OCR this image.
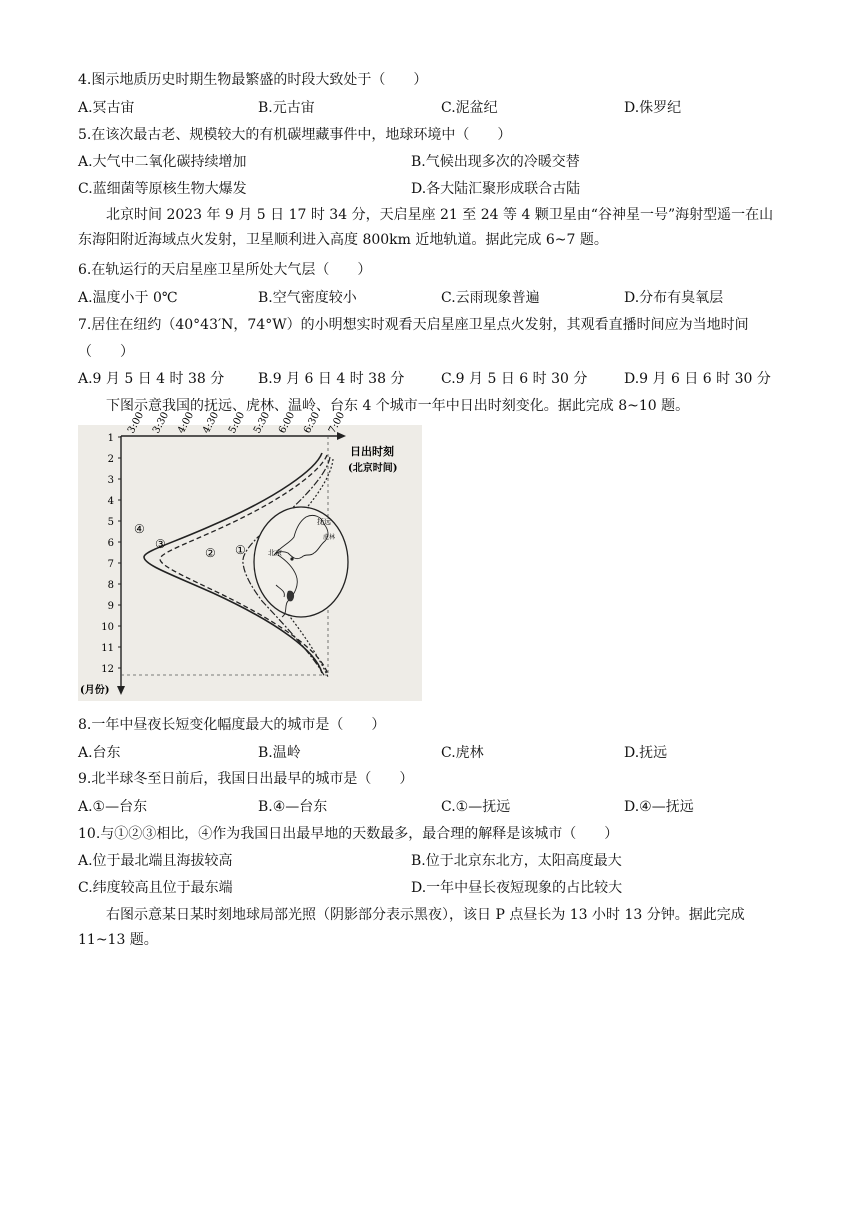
4.图示地质历史时期生物最繁盛的时段大致处于（　　）
A.冥古宙	B.元古宙	C.泥盆纪	D.侏罗纪
5.在该次最古老、规模较大的有机碳埋藏事件中，地球环境中（　　）
A.大气中二氧化碳持续增加	B.气候出现多次的冷暖交替
C.蓝细菌等原核生物大爆发	D.各大陆汇聚形成联合古陆
北京时间 2023 年 9 月 5 日 17 时 34 分，天启星座 21 至 24 等 4 颗卫星由“谷神星一号”海射型遥一在山东海阳附近海域点火发射，卫星顺利进入高度 800km 近地轨道。据此完成 6~7 题。
6.在轨运行的天启星座卫星所处大气层（　　）
A.温度小于 0℃	B.空气密度较小	C.云雨现象普遍	D.分布有臭氧层
7.居住在纽约（40°43′N，74°W）的小明想实时观看天启星座卫星点火发射，其观看直播时间应为当地时间
（　　）
A.9 月 5 日 4 时 38 分 B.9 月 6 日 4 时 38 分	C.9 月 5 日 6 时 30 分	D.9 月 6 日 6 时 30 分
下图示意我国的抚远、虎林、温岭、台东 4 个城市一年中日出时刻变化。据此完成 8~10 题。
3:00 3:30 4:00 4:30 5:00 5:30 6:00 6:30 7:00
日出时刻
(北京时间)
1
2
3
4
5
6
7
8
9
10
11
12
(月份)
④
③
② ①	北京
抚远
虎林
8.一年中昼夜长短变化幅度最大的城市是（　　）
A.台东	B.温岭	C.虎林	D.抚远
9.北半球冬至日前后，我国日出最早的城市是（　　）
A.①—台东	B.④—台东	C.①—抚远	D.④—抚远
10.与①②③相比，④作为我国日出最早地的天数最多，最合理的解释是该城市（　　）
A.位于最北端且海拔较高	B.位于北京东北方，太阳高度最大
C.纬度较高且位于最东端	D.一年中昼长夜短现象的占比较大
右图示意某日某时刻地球局部光照（阴影部分表示黑夜），该日 P 点昼长为 13 小时 13 分钟。据此完成 11~13 题。
